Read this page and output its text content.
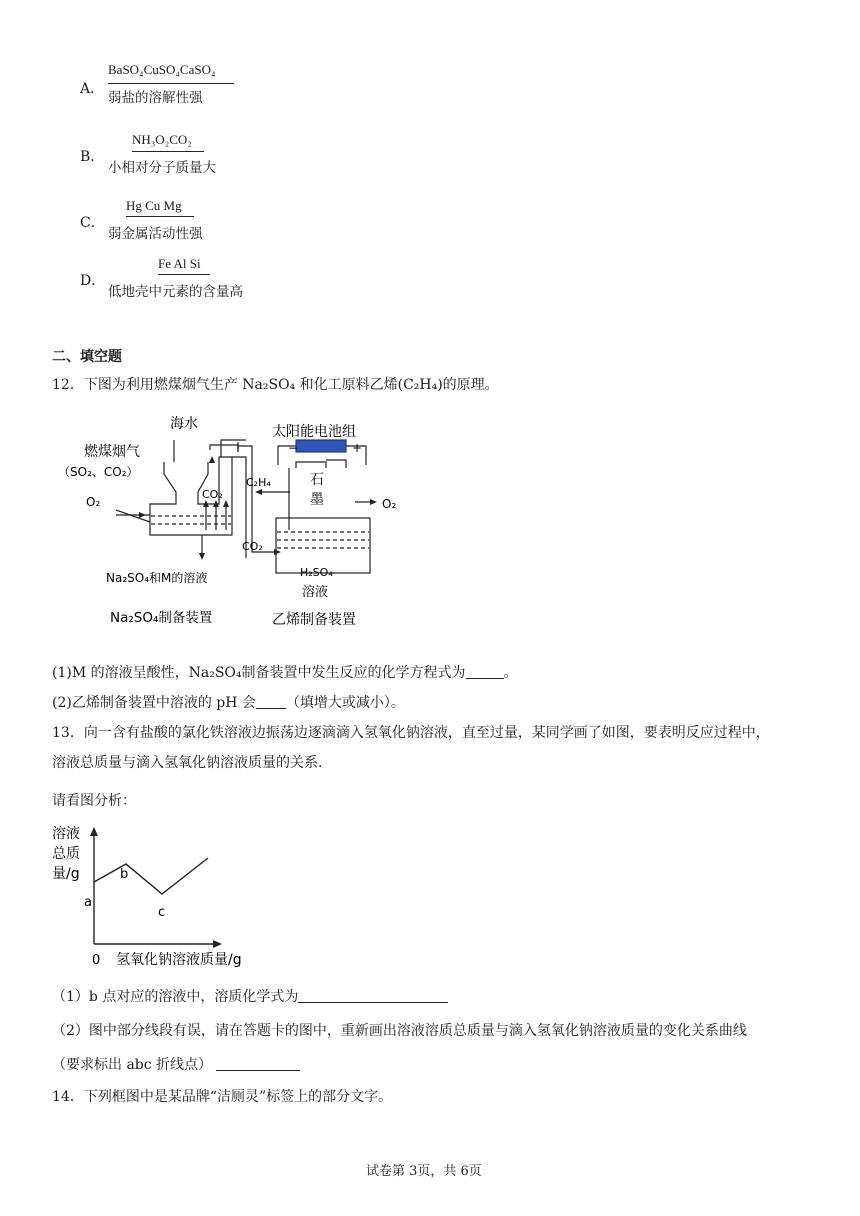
A．
BaSO₄CuSO₄CaSO₄
弱盐的溶解性强
B．
NH₃O₂CO₂
小相对分子质量大
C．
Hg Cu Mg
弱金属活动性强
D．
Fe Al Si
低地壳中元素的含量高
二、填空题
12．下图为利用燃煤烟气生产 Na₂SO₄ 和化工原料乙烯(C₂H₄)的原理。
海水
燃煤烟气
（SO₂、CO₂）
O₂
CO₂
CO₂
Na₂SO₄和M的溶液
Na₂SO₄制备装置
太阳能电池组
−	+
石
墨
C₂H₄
O₂
H₂SO₄
溶液
乙烯制备装置
(1)M 的溶液呈酸性，Na₂SO₄制备装置中发生反应的化学方程式为	。
(2)乙烯制备装置中溶液的 pH 会 （填增大或减小）。
13．向一含有盐酸的氯化铁溶液边振荡边逐滴滴入氢氧化钠溶液，直至过量，某同学画了如图，要表明反应过程中，
溶液总质量与滴入氢氧化钠溶液质量的关系.
请看图分析：
溶液
总质
量/g
a
b
c
0 氢氧化钠溶液质量/g
（1）b 点对应的溶液中，溶质化学式为
（2）图中部分线段有误，请在答题卡的图中，重新画出溶液溶质总质量与滴入氢氧化钠溶液质量的变化关系曲线
（要求标出 abc 折线点）
14．下列框图中是某品牌“洁厕灵”标签上的部分文字。
试卷第 3页，共 6页
